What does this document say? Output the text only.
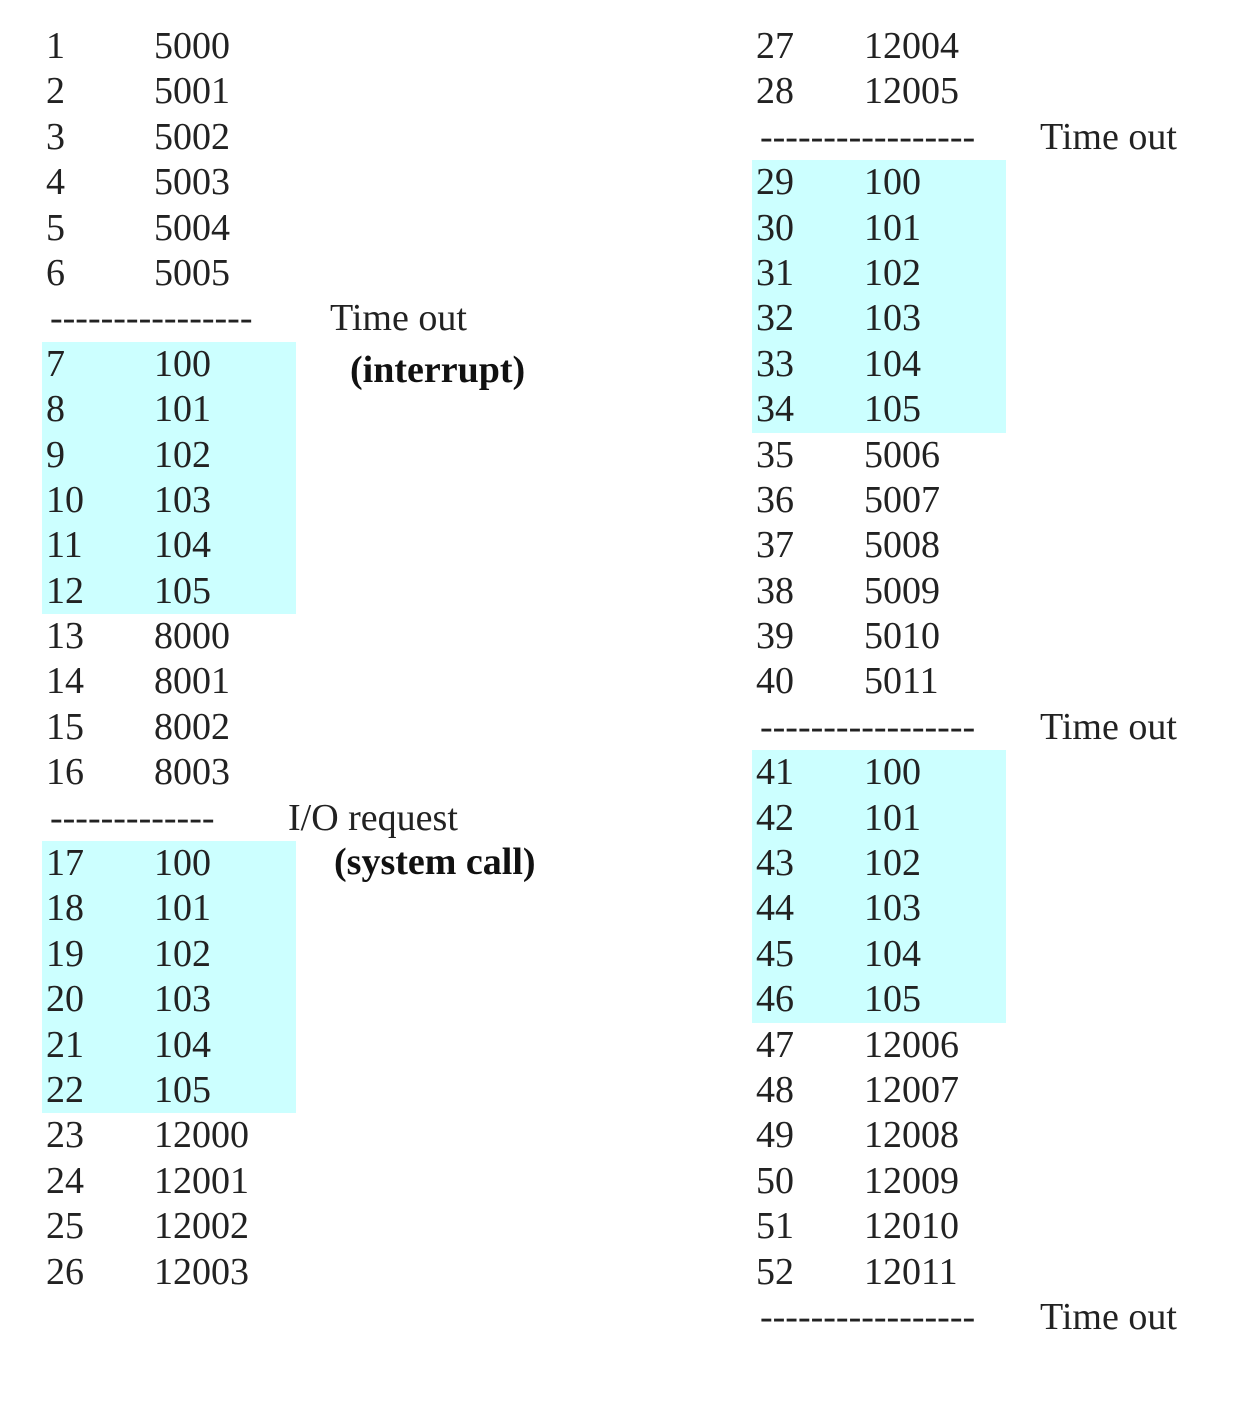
1 5000
2 5001
3 5002
4 5003
5 5004
6 5005
---------------- Time out
7 100
8 101
9 102
10 103
11 104
12 105
13 8000
14 8001
15 8002
16 8003
------------- I/O request
17 100
18 101
19 102
20 103
21 104
22 105
23 12000
24 12001
25 12002
26 12003
27 12004
28 12005
----------------- Time out
29 100
30 101
31 102
32 103
33 104
34 105
35 5006
36 5007
37 5008
38 5009
39 5010
40 5011
----------------- Time out
41 100
42 101
43 102
44 103
45 104
46 105
47 12006
48 12007
49 12008
50 12009
51 12010
52 12011
----------------- Time out
(interrupt)
(system call)
